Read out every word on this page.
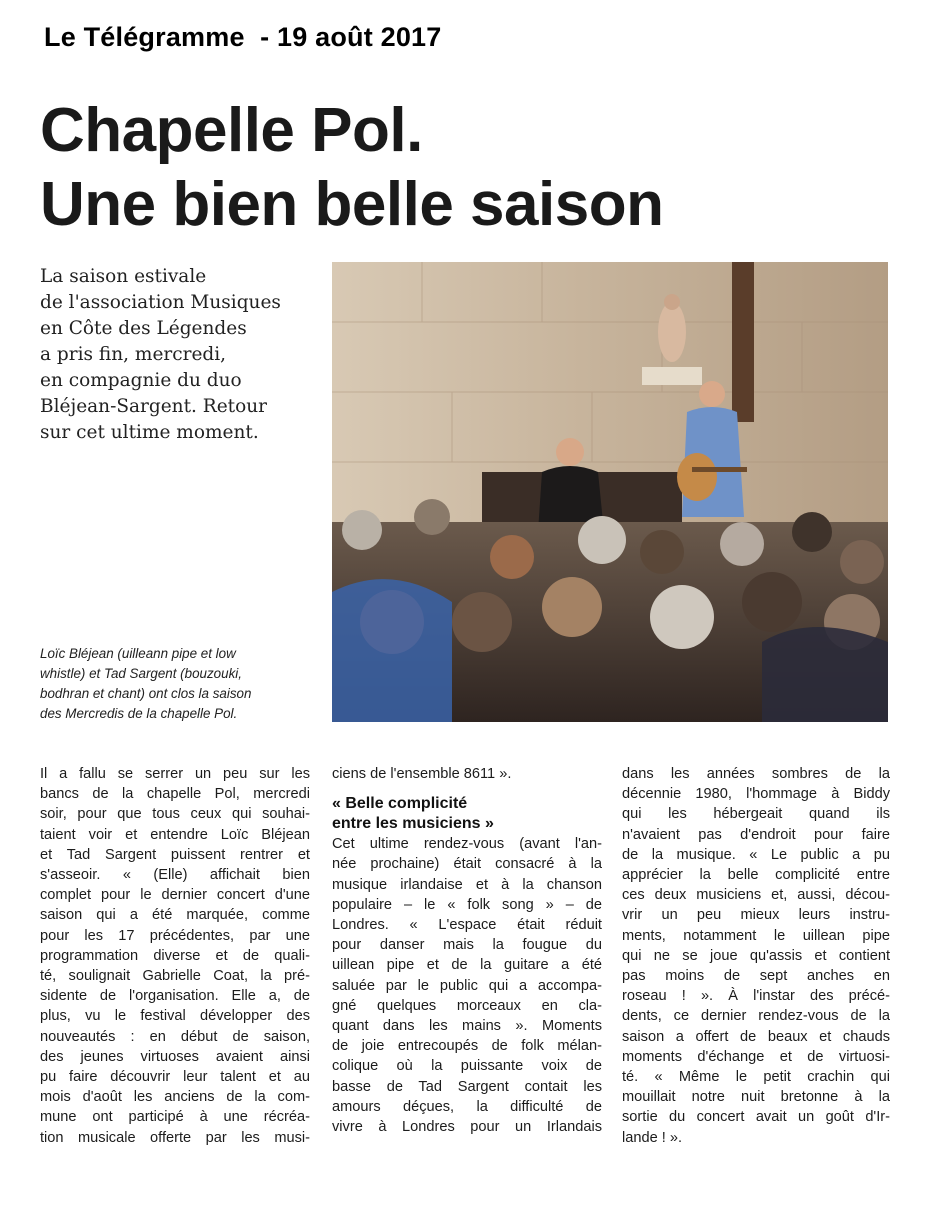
Le Télégramme  - 19 août 2017
Chapelle Pol.
Une bien belle saison

La saison estivale
de l'association Musiques
en Côte des Légendes
a pris fin, mercredi,
en compagnie du duo
Bléjean-Sargent. Retour
sur cet ultime moment.

Loïc Bléjean (uilleann pipe et low
whistle) et Tad Sargent (bouzouki,
bodhran et chant) ont clos la saison
des Mercredis de la chapelle Pol.

Il a fallu se serrer un peu sur les
bancs de la chapelle Pol, mercredi
soir, pour que tous ceux qui souhai-
taient voir et entendre Loïc Bléjean
et Tad Sargent puissent rentrer et
s'asseoir. « (Elle) affichait bien
complet pour le dernier concert d'une
saison qui a été marquée, comme
pour les 17 précédentes, par une
programmation diverse et de quali-
té, soulignait Gabrielle Coat, la pré-
sidente de l'organisation. Elle a, de
plus, vu le festival développer des
nouveautés : en début de saison,
des jeunes virtuoses avaient ainsi
pu faire découvrir leur talent et au
mois d'août les anciens de la com-
mune ont participé à une récréa-
tion musicale offerte par les musi-
ciens de l'ensemble 8611 ».
« Belle complicité
entre les musiciens »
Cet ultime rendez-vous (avant l'an-
née prochaine) était consacré à la
musique irlandaise et à la chanson
populaire – le « folk song » – de
Londres. « L'espace était réduit
pour danser mais la fougue du
uillean pipe et de la guitare a été
saluée par le public qui a accompa-
gné quelques morceaux en cla-
quant dans les mains ». Moments
de joie entrecoupés de folk mélan-
colique où la puissante voix de
basse de Tad Sargent contait les
amours déçues, la difficulté de
vivre à Londres pour un Irlandais
dans les années sombres de la
décennie 1980, l'hommage à Biddy
qui les hébergeait quand ils
n'avaient pas d'endroit pour faire
de la musique. « Le public a pu
apprécier la belle complicité entre
ces deux musiciens et, aussi, décou-
vrir un peu mieux leurs instru-
ments, notamment le uillean pipe
qui ne se joue qu'assis et contient
pas moins de sept anches en
roseau ! ». À l'instar des précé-
dents, ce dernier rendez-vous de la
saison a offert de beaux et chauds
moments d'échange et de virtuosi-
té. « Même le petit crachin qui
mouillait notre nuit bretonne à la
sortie du concert avait un goût d'Ir-
lande ! ».
